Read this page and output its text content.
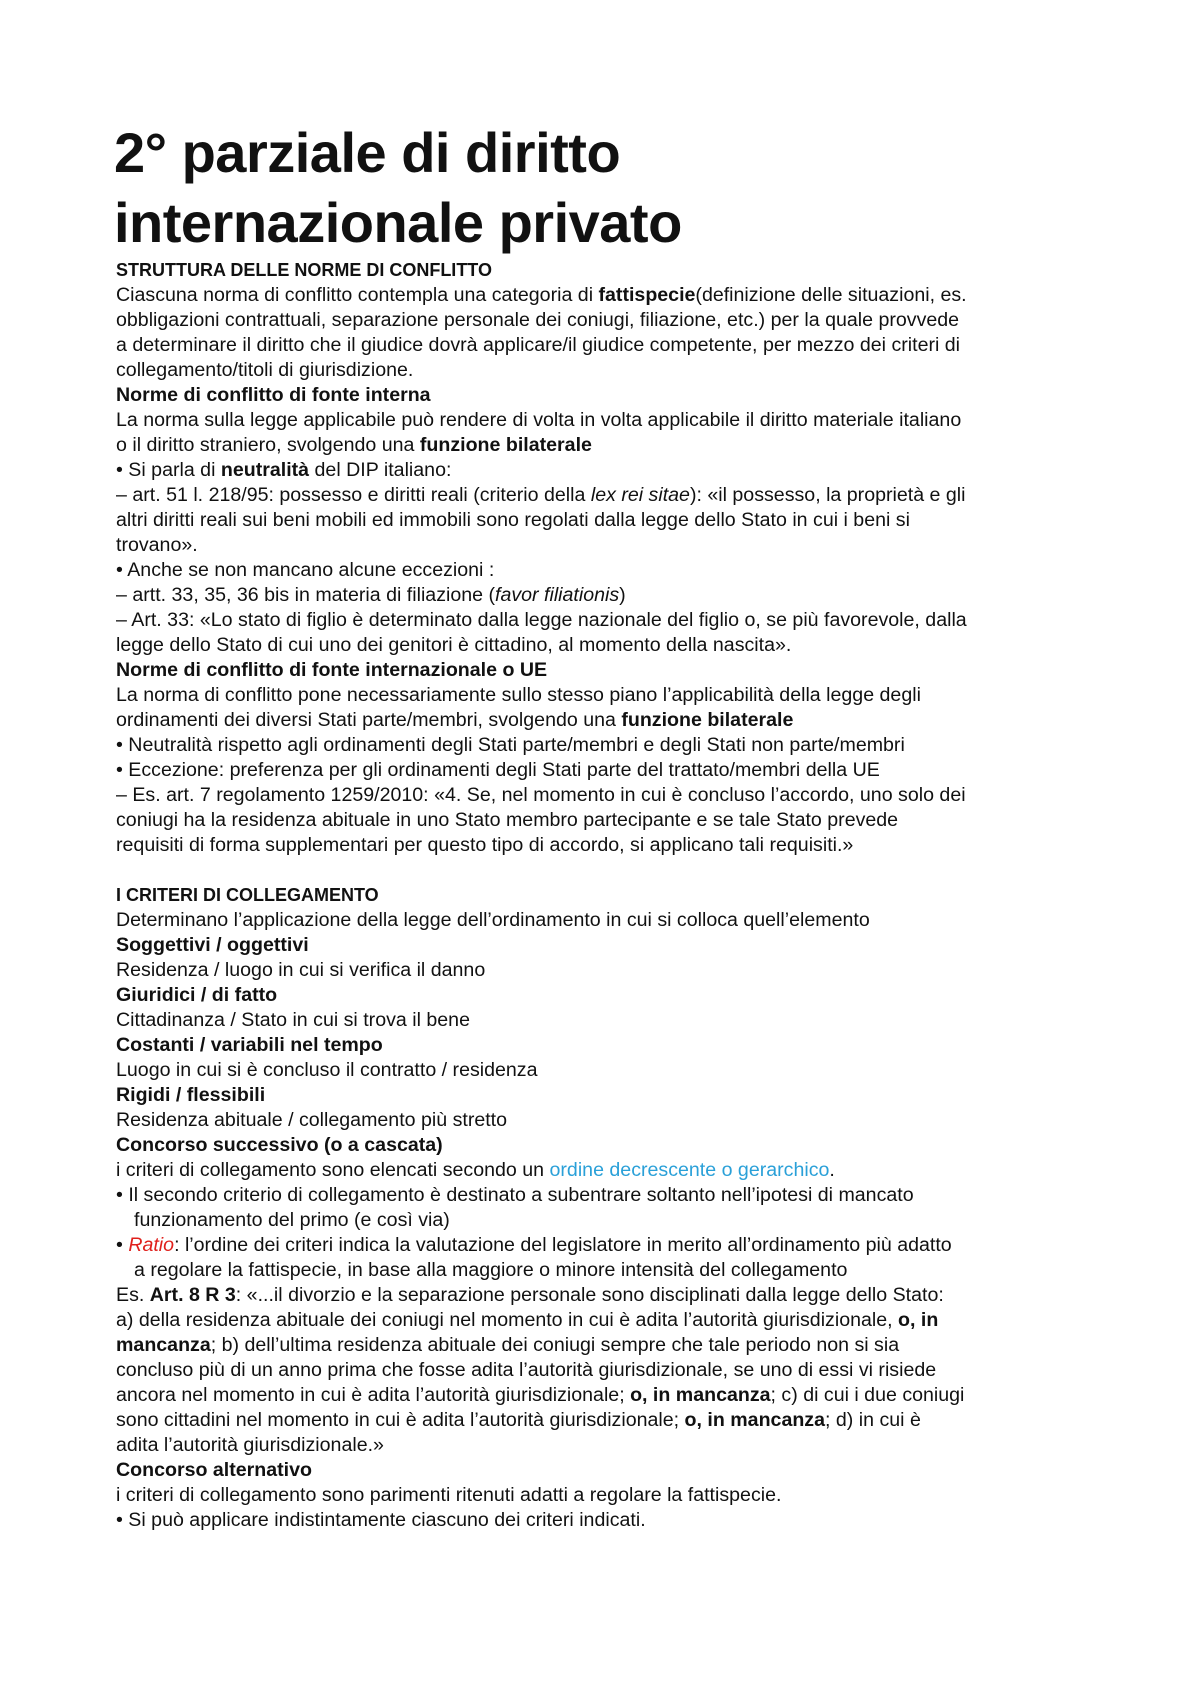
2° parziale di diritto
internazionale privato
STRUTTURA DELLE NORME DI CONFLITTO
Ciascuna norma di conflitto contempla una categoria di fattispecie(definizione delle situazioni, es.
obbligazioni contrattuali, separazione personale dei coniugi, filiazione, etc.) per la quale provvede
a determinare il diritto che il giudice dovrà applicare/il giudice competente, per mezzo dei criteri di
collegamento/titoli di giurisdizione.
Norme di conflitto di fonte interna
La norma sulla legge applicabile può rendere di volta in volta applicabile il diritto materiale italiano
o il diritto straniero, svolgendo una funzione bilaterale
• Si parla di neutralità del DIP italiano:
– art. 51 l. 218/95: possesso e diritti reali (criterio della lex rei sitae): «il possesso, la proprietà e gli
altri diritti reali sui beni mobili ed immobili sono regolati dalla legge dello Stato in cui i beni si
trovano».
• Anche se non mancano alcune eccezioni :
– artt. 33, 35, 36 bis in materia di filiazione (favor filiationis)
– Art. 33: «Lo stato di figlio è determinato dalla legge nazionale del figlio o, se più favorevole, dalla
legge dello Stato di cui uno dei genitori è cittadino, al momento della nascita».
Norme di conflitto di fonte internazionale o UE
La norma di conflitto pone necessariamente sullo stesso piano l’applicabilità della legge degli
ordinamenti dei diversi Stati parte/membri, svolgendo una funzione bilaterale
• Neutralità rispetto agli ordinamenti degli Stati parte/membri e degli Stati non parte/membri
• Eccezione: preferenza per gli ordinamenti degli Stati parte del trattato/membri della UE
– Es. art. 7 regolamento 1259/2010: «4. Se, nel momento in cui è concluso l’accordo, uno solo dei
coniugi ha la residenza abituale in uno Stato membro partecipante e se tale Stato prevede
requisiti di forma supplementari per questo tipo di accordo, si applicano tali requisiti.»
I CRITERI DI COLLEGAMENTO
Determinano l’applicazione della legge dell’ordinamento in cui si colloca quell’elemento
Soggettivi / oggettivi
Residenza / luogo in cui si verifica il danno
Giuridici / di fatto
Cittadinanza / Stato in cui si trova il bene
Costanti / variabili nel tempo
Luogo in cui si è concluso il contratto / residenza
Rigidi / flessibili
Residenza abituale / collegamento più stretto
Concorso successivo (o a cascata)
i criteri di collegamento sono elencati secondo un ordine decrescente o gerarchico.
• Il secondo criterio di collegamento è destinato a subentrare soltanto nell’ipotesi di mancato
funzionamento del primo (e così via)
• Ratio: l’ordine dei criteri indica la valutazione del legislatore in merito all’ordinamento più adatto
a regolare la fattispecie, in base alla maggiore o minore intensità del collegamento
Es. Art. 8 R 3: «...il divorzio e la separazione personale sono disciplinati dalla legge dello Stato:
a) della residenza abituale dei coniugi nel momento in cui è adita l’autorità giurisdizionale, o, in
mancanza; b) dell’ultima residenza abituale dei coniugi sempre che tale periodo non si sia
concluso più di un anno prima che fosse adita l’autorità giurisdizionale, se uno di essi vi risiede
ancora nel momento in cui è adita l’autorità giurisdizionale; o, in mancanza; c) di cui i due coniugi
sono cittadini nel momento in cui è adita l’autorità giurisdizionale; o, in mancanza; d) in cui è
adita l’autorità giurisdizionale.»
Concorso alternativo
i criteri di collegamento sono parimenti ritenuti adatti a regolare la fattispecie.
• Si può applicare indistintamente ciascuno dei criteri indicati.
